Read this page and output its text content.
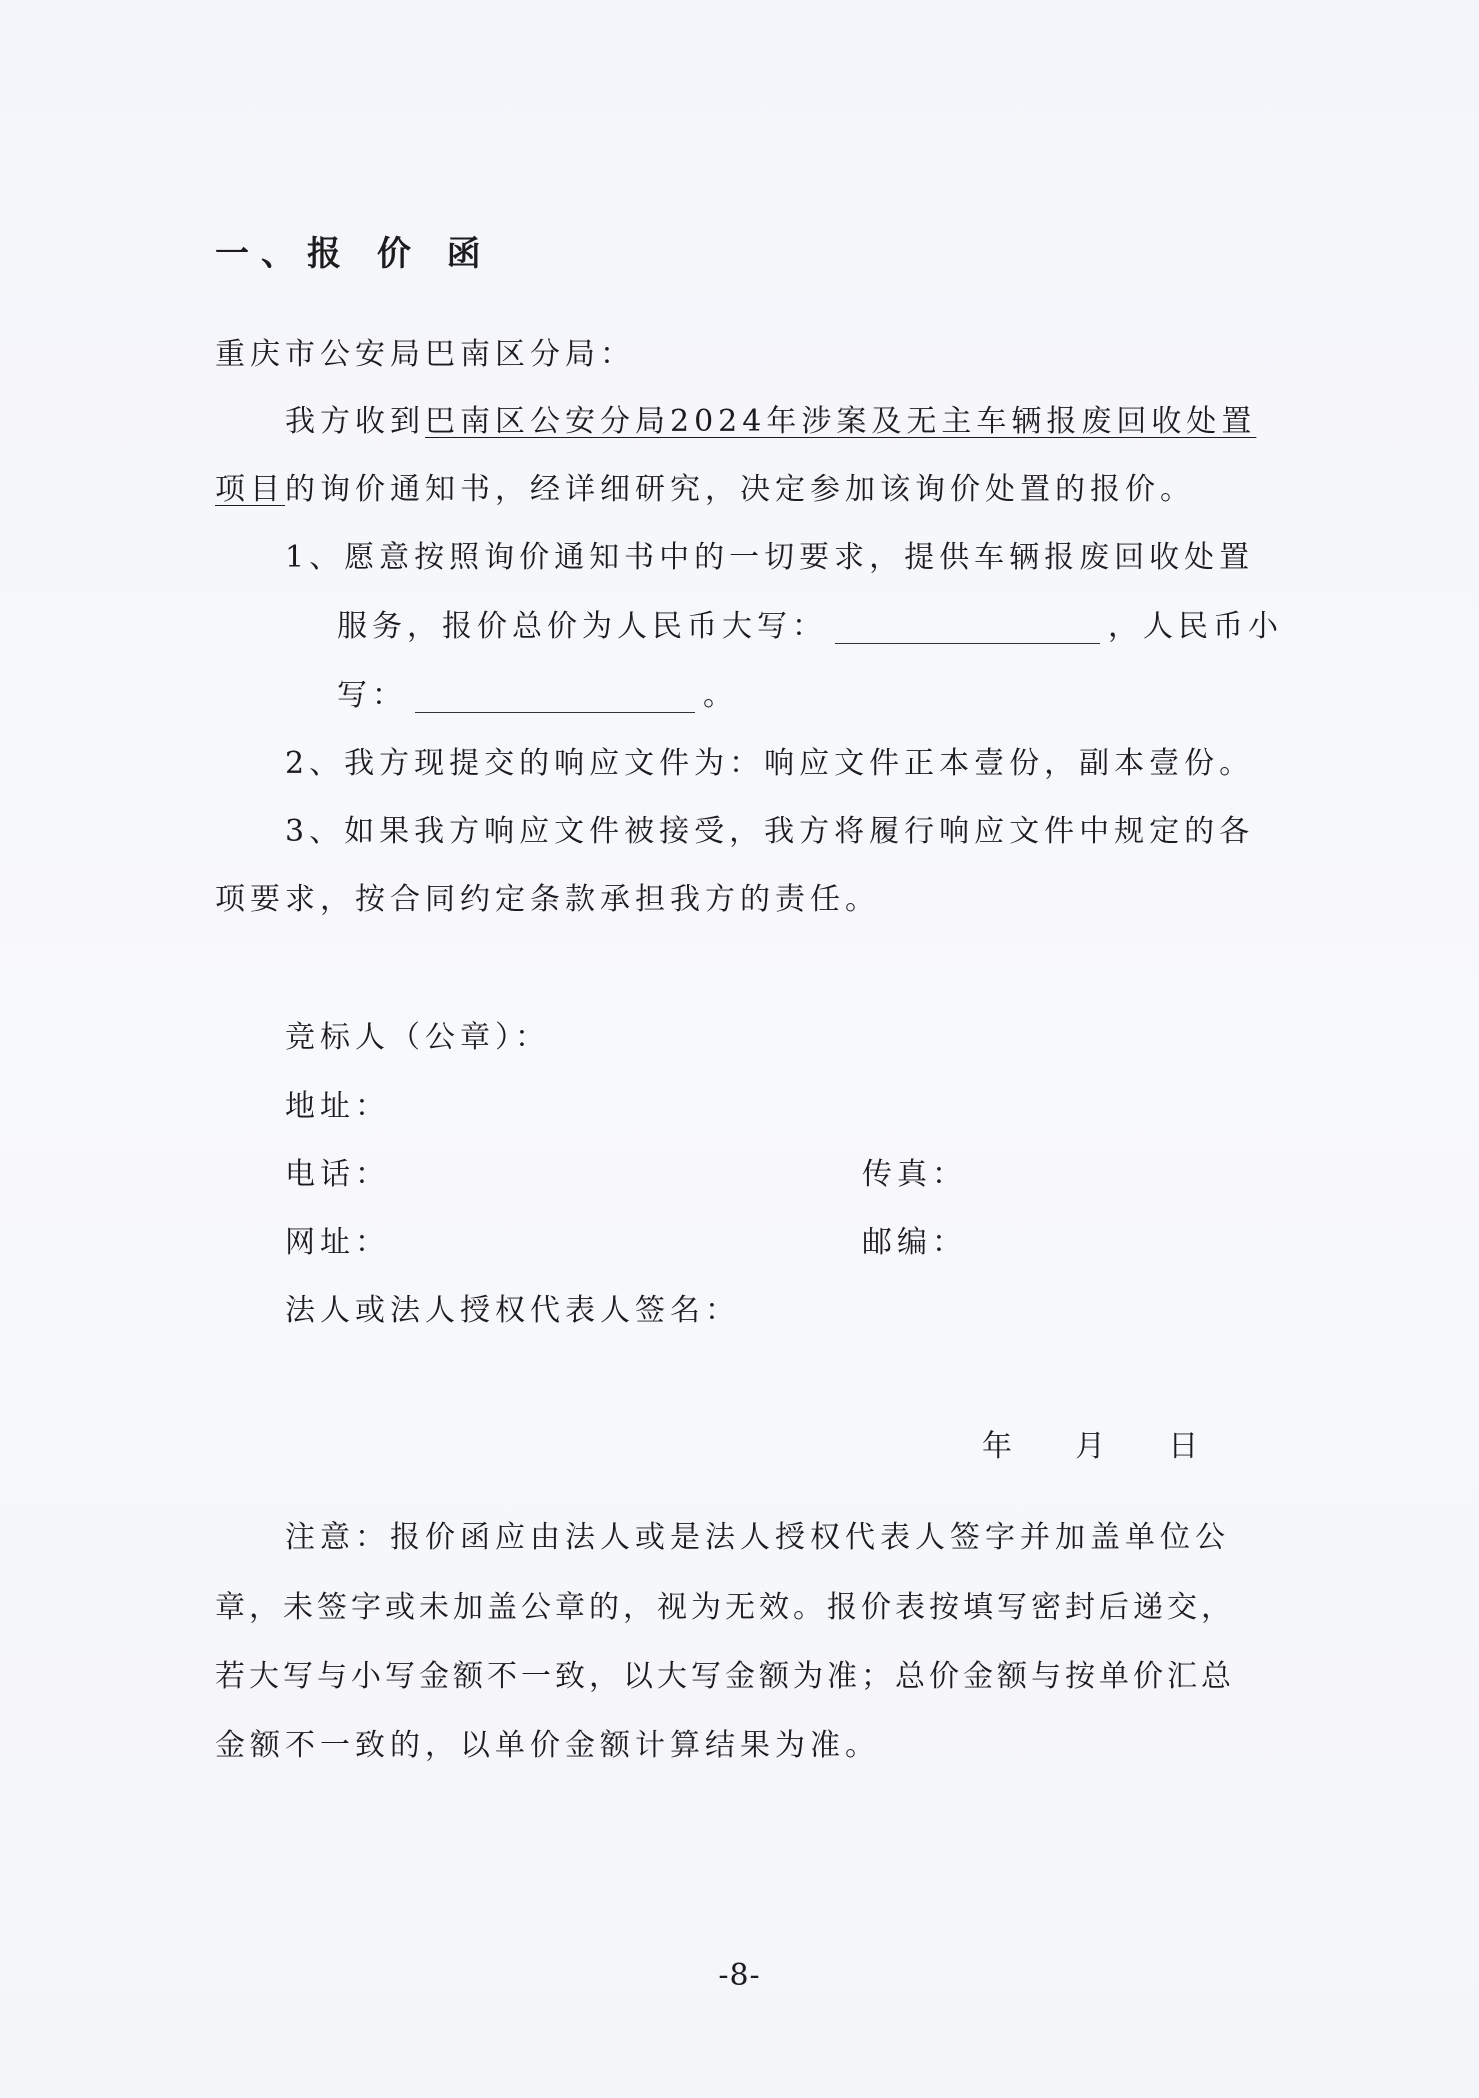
一、报 价 函
重庆市公安局巴南区分局：
我方收到巴南区公安分局2024年涉案及无主车辆报废回收处置
项目的询价通知书，经详细研究，决定参加该询价处置的报价。
1、愿意按照询价通知书中的一切要求，提供车辆报废回收处置
服务，报价总价为人民币大写：	，人民币小
写：	。
2、我方现提交的响应文件为：响应文件正本壹份，副本壹份。
3、如果我方响应文件被接受，我方将履行响应文件中规定的各
项要求，按合同约定条款承担我方的责任。
竞标人（公章）：
地址：
电话：	传真：
网址：	邮编：
法人或法人授权代表人签名：
年    月    日
注意：报价函应由法人或是法人授权代表人签字并加盖单位公
章，未签字或未加盖公章的，视为无效。报价表按填写密封后递交，
若大写与小写金额不一致，以大写金额为准；总价金额与按单价汇总
金额不一致的，以单价金额计算结果为准。
-8-
